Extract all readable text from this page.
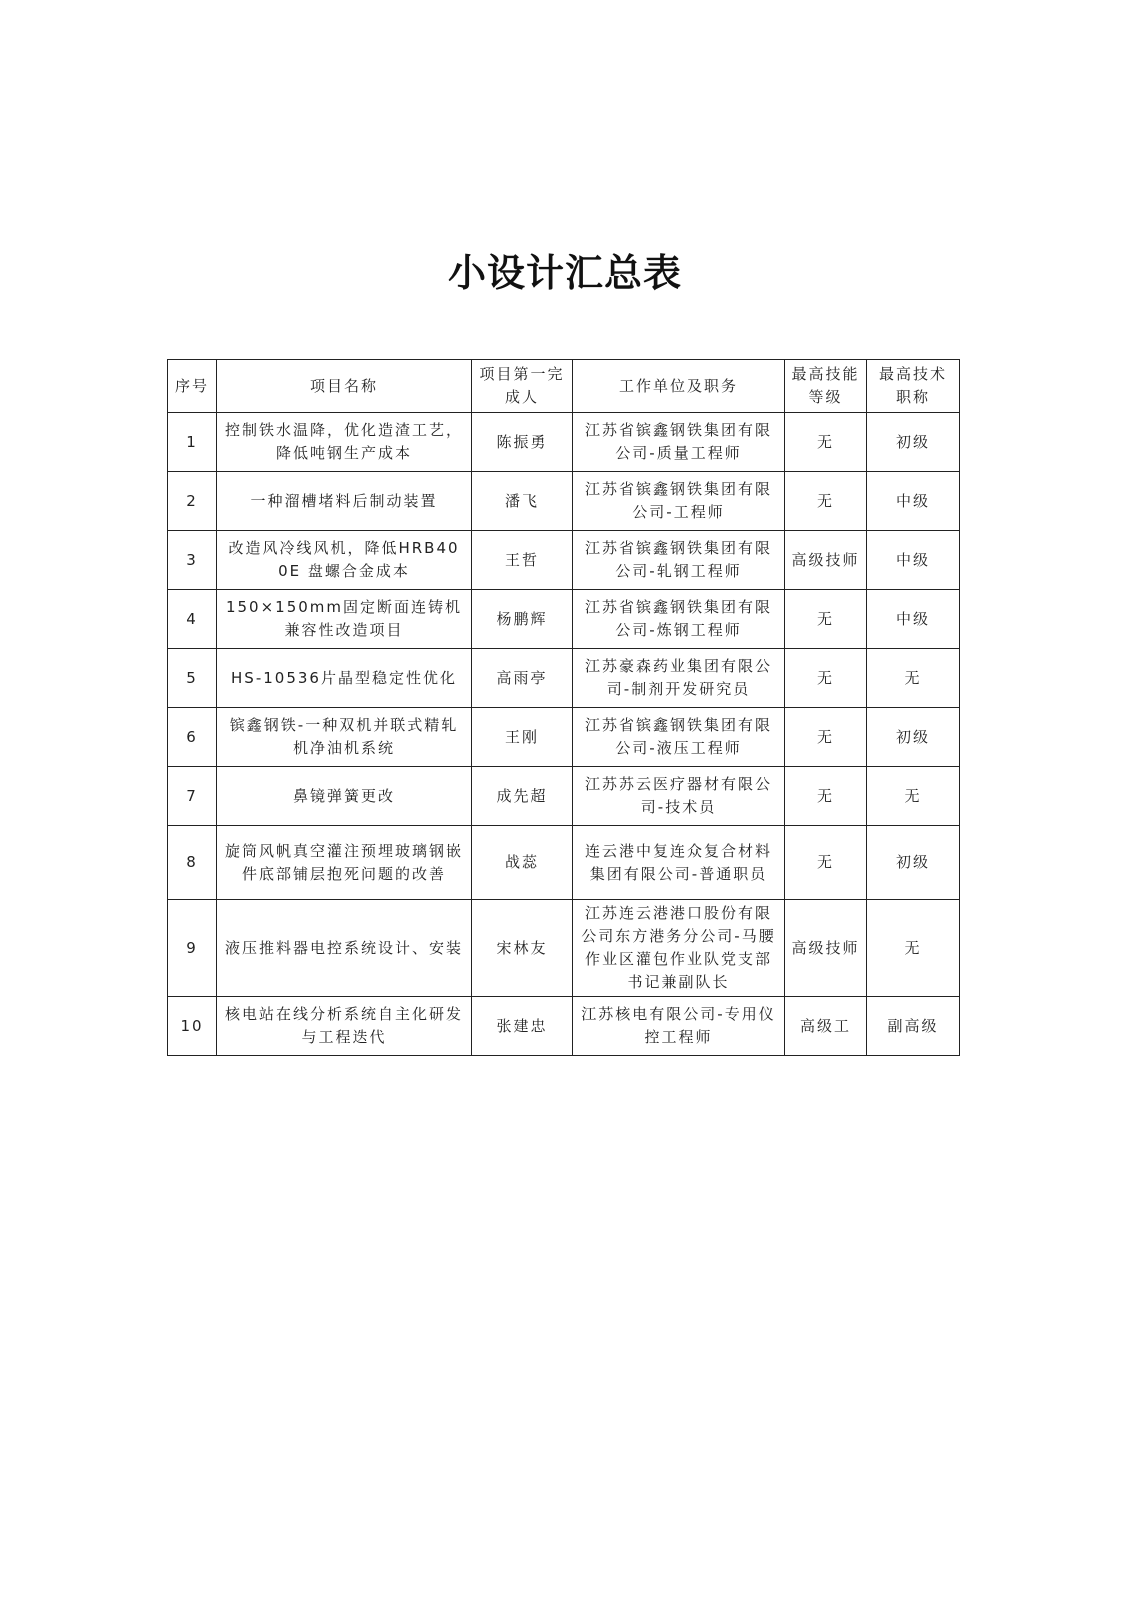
小设计汇总表
序号	项目名称	项目第一完成人	工作单位及职务	最高技能等级	最高技术职称
1	控制铁水温降，优化造渣工艺，降低吨钢生产成本	陈振勇	江苏省镔鑫钢铁集团有限公司-质量工程师	无	初级
2	一种溜槽堵料后制动装置	潘飞	江苏省镔鑫钢铁集团有限公司-工程师	无	中级
3	改造风冷线风机，降低HRB400E 盘螺合金成本	王哲	江苏省镔鑫钢铁集团有限公司-轧钢工程师	高级技师	中级
4	150×150mm固定断面连铸机兼容性改造项目	杨鹏辉	江苏省镔鑫钢铁集团有限公司-炼钢工程师	无	中级
5	HS-10536片晶型稳定性优化	高雨亭	江苏豪森药业集团有限公司-制剂开发研究员	无	无
6	镔鑫钢铁-一种双机并联式精轧机净油机系统	王刚	江苏省镔鑫钢铁集团有限公司-液压工程师	无	初级
7	鼻镜弹簧更改	成先超	江苏苏云医疗器材有限公司-技术员	无	无
8	旋筒风帆真空灌注预埋玻璃钢嵌件底部铺层抱死问题的改善	战蕊	连云港中复连众复合材料集团有限公司-普通职员	无	初级
9	液压推料器电控系统设计、安装	宋林友	江苏连云港港口股份有限公司东方港务分公司-马腰作业区灌包作业队党支部书记兼副队长	高级技师	无
10	核电站在线分析系统自主化研发与工程迭代	张建忠	江苏核电有限公司-专用仪控工程师	高级工	副高级
